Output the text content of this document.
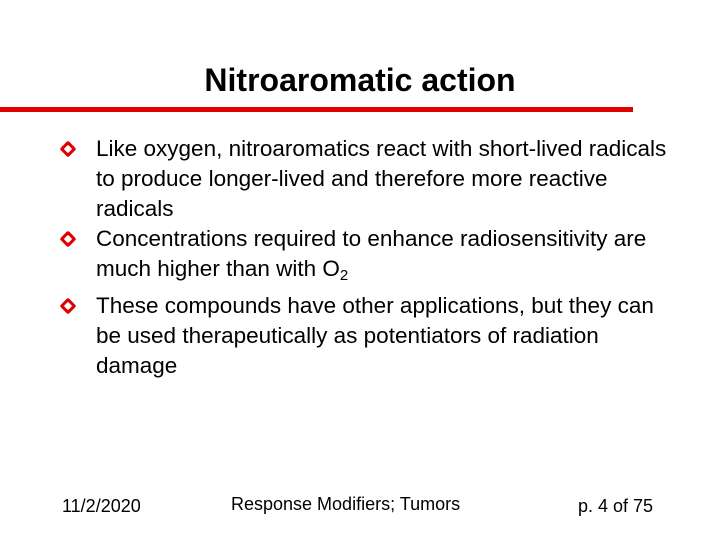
Nitroaromatic action
Like oxygen, nitroaromatics react with short-lived radicals to produce longer-lived and therefore more reactive radicals
Concentrations required to enhance radiosensitivity are much higher than with $O_2$
These compounds have other applications, but they can be used therapeutically as potentiators of radiation damage
11/2/2020	Response Modifiers; Tumors	p. 4 of 75
